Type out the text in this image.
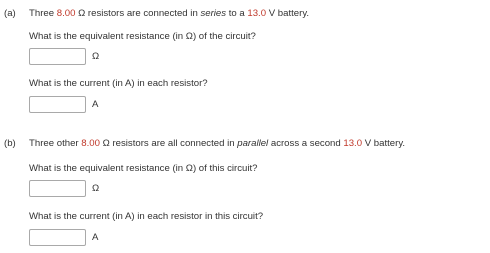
(a) Three 8.00 Ω resistors are connected in series to a 13.0 V battery.
What is the equivalent resistance (in Ω) of the circuit?
Ω
What is the current (in A) in each resistor?
A
(b) Three other 8.00 Ω resistors are all connected in parallel across a second 13.0 V battery.
What is the equivalent resistance (in Ω) of this circuit?
Ω
What is the current (in A) in each resistor in this circuit?
A
